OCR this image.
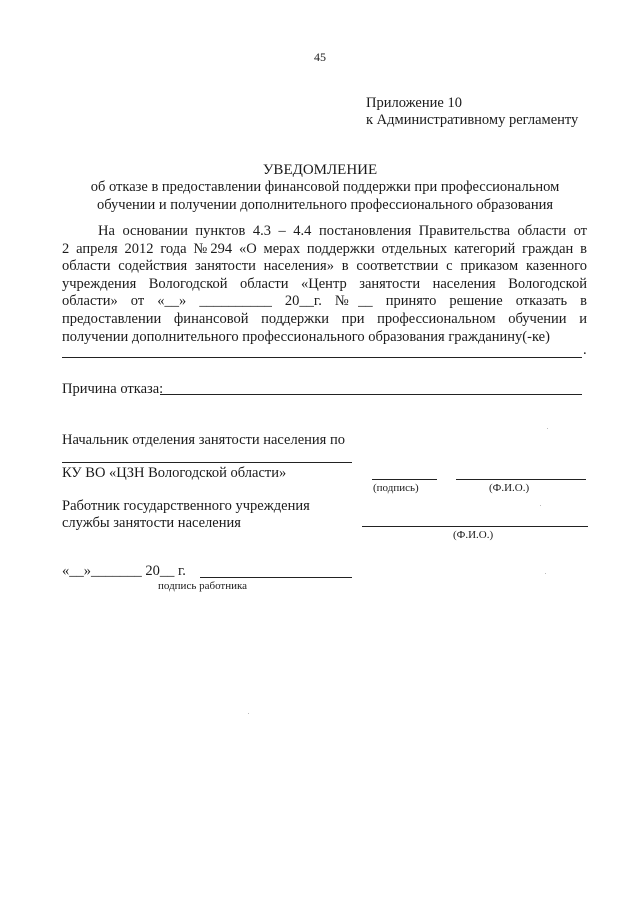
45
Приложение 10
к Административному регламенту
УВЕДОМЛЕНИЕ
об отказе в предоставлении финансовой поддержки при профессиональном
обучении и получении дополнительного профессионального образования
На основании пунктов 4.3 – 4.4 постановления Правительства области от
2 апреля 2012 года №294 «О мерах поддержки отдельных категорий граждан в
области содействия занятости населения» в соответствии с приказом казенного
учреждения Вологодской области «Центр занятости населения Вологодской
области» от «__» __________ 20__г. №__ принято решение отказать в
предоставлении финансовой поддержки при профессиональном обучении и
получении дополнительного профессионального образования гражданину(-ке)
.
Причина отказа:
Начальник отделения занятости населения по
КУ ВО «ЦЗН Вологодской области»
(подпись)	(Ф.И.О.)
Работник государственного учреждения
службы занятости населения
(Ф.И.О.)
«__»_______ 20__ г.
подпись работника
